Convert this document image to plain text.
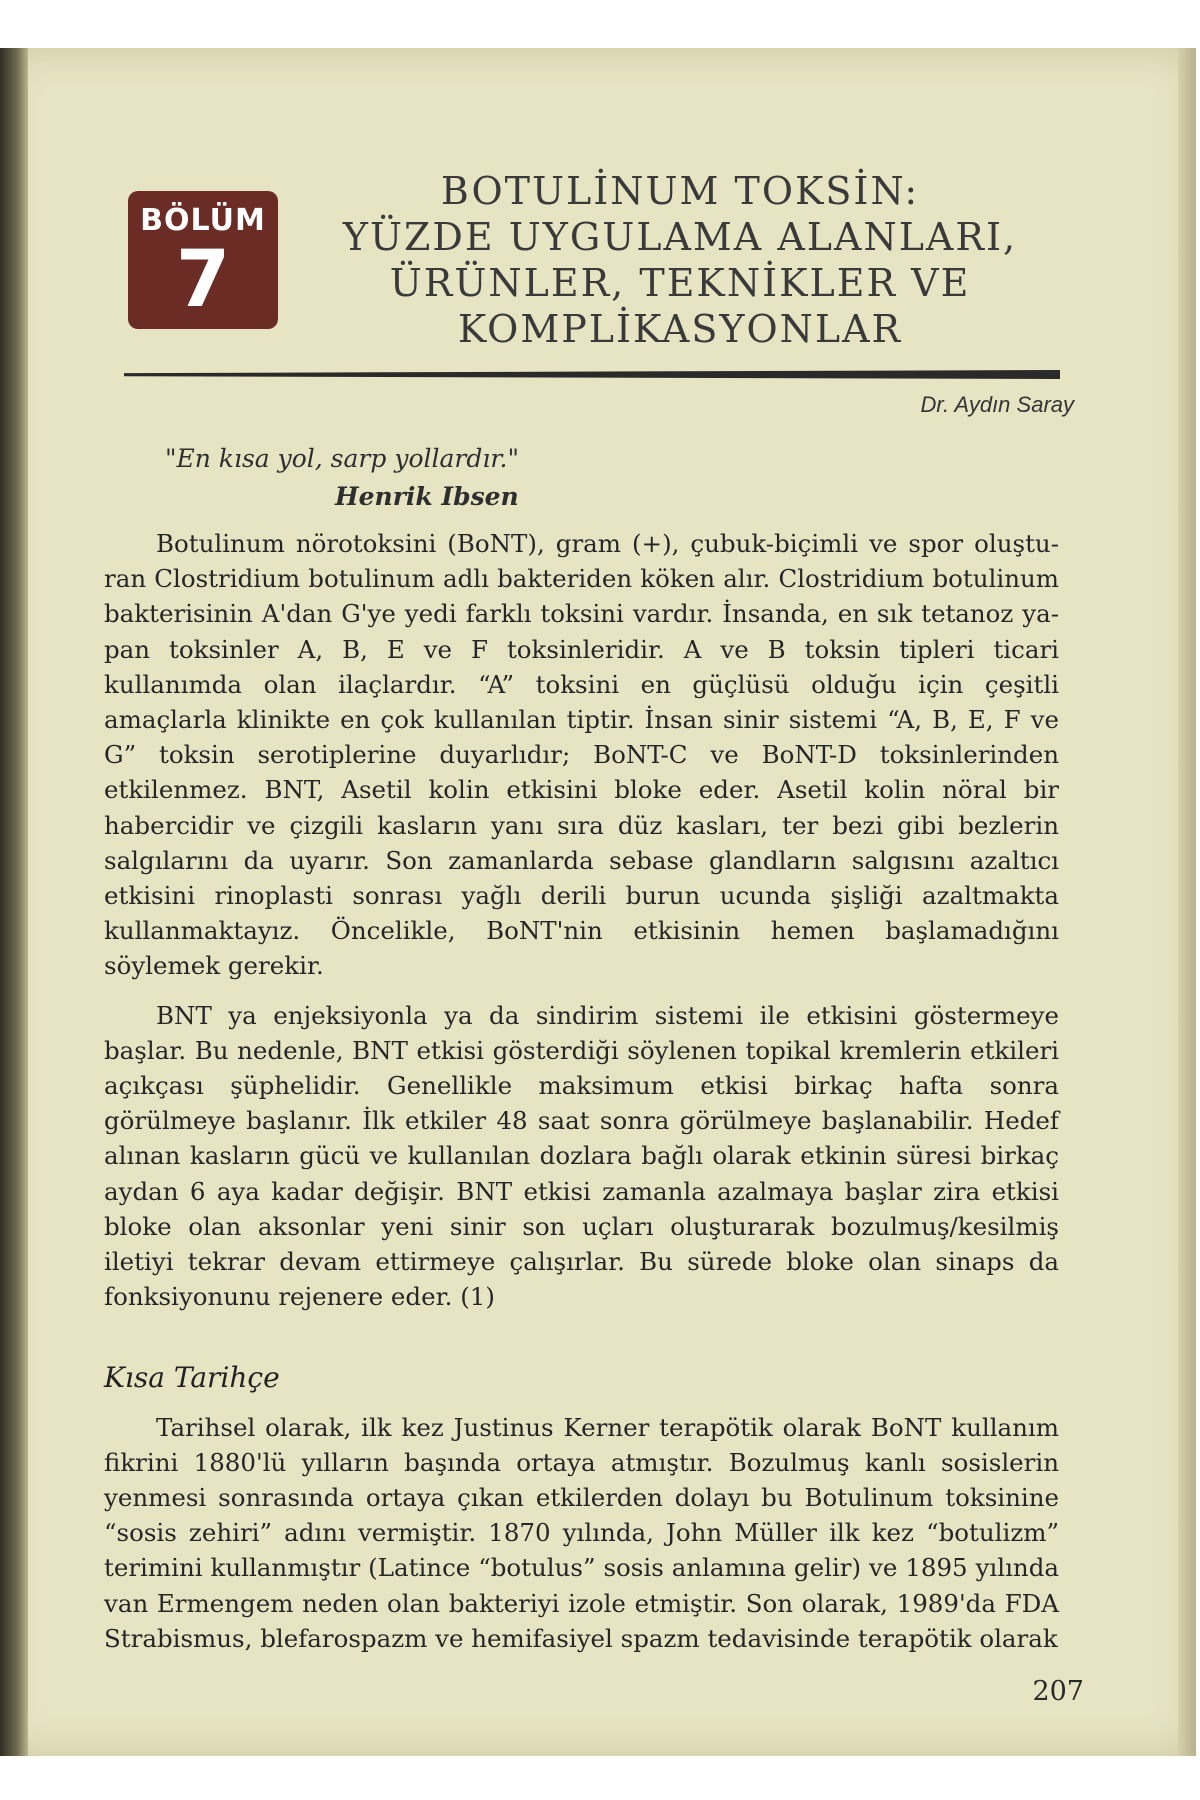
BÖLÜM
7
BOTULİNUM TOKSİN:
YÜZDE UYGULAMA ALANLARI,
ÜRÜNLER, TEKNİKLER VE
KOMPLİKASYONLAR
Dr. Aydın Saray
"En kısa yol, sarp yollardır."
Henrik Ibsen

Botulinum nörotoksini (BoNT), gram (+), çubuk-biçimli ve spor oluşturan Clostridium botulinum adlı bakteriden köken alır. Clostridium botulinum bakterisinin A'dan G'ye yedi farklı toksini vardır. İnsanda, en sık tetanoz yapan toksinler A, B, E ve F toksinleridir. A ve B toksin tipleri ticari kullanımda olan ilaçlardır. “A” toksini en güçlüsü olduğu için çeşitli amaçlarla klinikte en çok kullanılan tiptir. İnsan sinir sistemi “A, B, E, F ve G” toksin serotiplerine duyarlıdır; BoNT-C ve BoNT-D toksinlerinden etkilenmez. BNT, Asetil kolin etkisini bloke eder. Asetil kolin nöral bir habercidir ve çizgili kasların yanı sıra düz kasları, ter bezi gibi bezlerin salgılarını da uyarır. Son zamanlarda sebase glandların salgısını azaltıcı etkisini rinoplasti sonrası yağlı derili burun ucunda şişliği azaltmakta kullanmaktayız. Öncelikle, BoNT'nin etkisinin hemen başlamadığını söylemek gerekir.

BNT ya enjeksiyonla ya da sindirim sistemi ile etkisini göstermeye başlar. Bu nedenle, BNT etkisi gösterdiği söylenen topikal kremlerin etkileri açıkçası şüphelidir. Genellikle maksimum etkisi birkaç hafta sonra görülmeye başlanır. İlk etkiler 48 saat sonra görülmeye başlanabilir. Hedef alınan kasların gücü ve kullanılan dozlara bağlı olarak etkinin süresi birkaç aydan 6 aya kadar değişir. BNT etkisi zamanla azalmaya başlar zira etkisi bloke olan aksonlar yeni sinir son uçları oluşturarak bozulmuş/kesilmiş iletiyi tekrar devam ettirmeye çalışırlar. Bu sürede bloke olan sinaps da fonksiyonunu rejenere eder. (1)

Kısa Tarihçe

Tarihsel olarak, ilk kez Justinus Kerner terapötik olarak BoNT kullanım fikrini 1880'lü yılların başında ortaya atmıştır. Bozulmuş kanlı sosislerin yenmesi sonrasında ortaya çıkan etkilerden dolayı bu Botulinum toksinine “sosis zehiri” adını vermiştir. 1870 yılında, John Müller ilk kez “botulizm” terimini kullanmıştır (Latince “botulus” sosis anlamına gelir) ve 1895 yılında van Ermengem neden olan bakteriyi izole etmiştir. Son olarak, 1989'da FDA Strabismus, blefarospazm ve hemifasiyel spazm tedavisinde terapötik olarak

207
